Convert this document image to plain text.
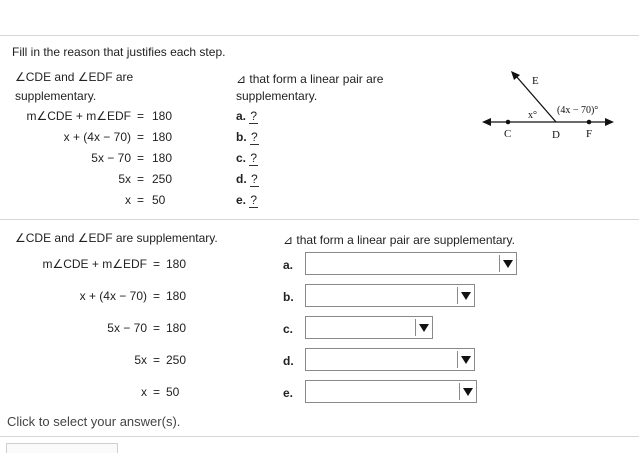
Fill in the reason that justifies each step.
∠CDE and ∠EDF are
supplementary.
⊿ that form a linear pair are
supplementary.
m∠CDE + m∠EDF = 180	a. ?
x + (4x − 70) = 180	b. ?
5x − 70 = 180	c. ?
5x = 250	d. ?
x = 50	e. ?
E
C	D F
x° (4x − 70)°
∠CDE and ∠EDF are supplementary.	⊿ that form a linear pair are supplementary.
m∠CDE + m∠EDF = 180	a.
x + (4x − 70) = 180	b.
5x − 70 = 180	c.
5x = 250	d.
x = 50	e.
Click to select your answer(s).
